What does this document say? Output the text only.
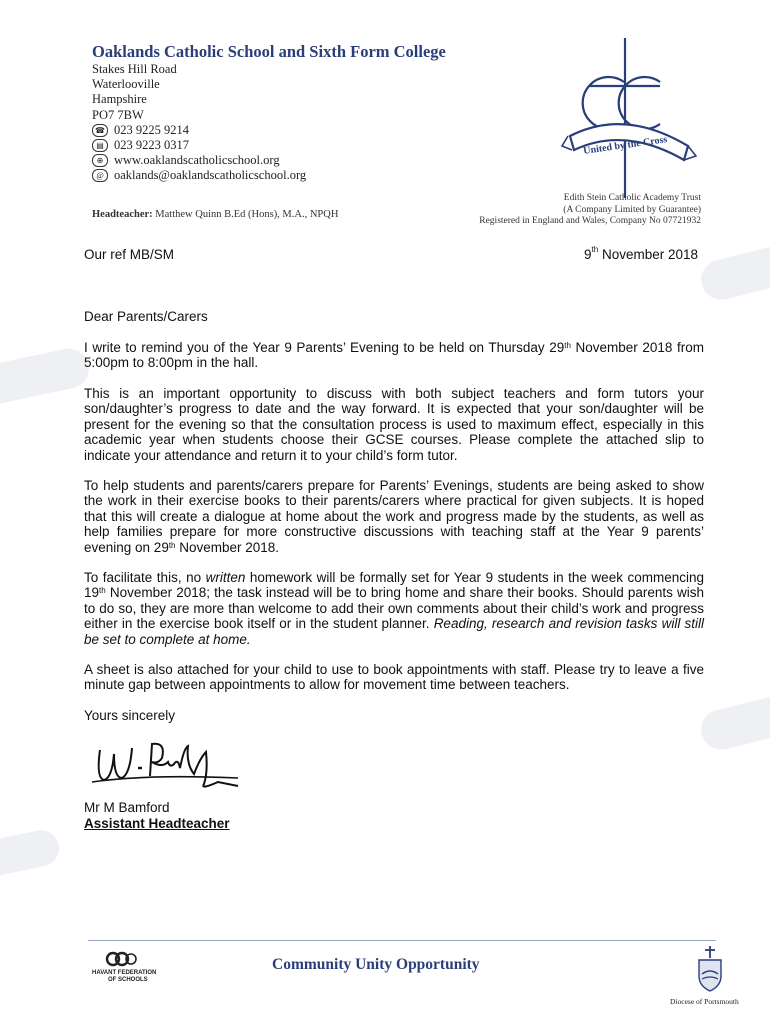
Oaklands Catholic School and Sixth Form College
Stakes Hill Road
Waterlooville
Hampshire
PO7 7BW
☎ 023 9225 9214
▤ 023 9223 0317
⊕ www.oaklandscatholicschool.org
@ oaklands@oaklandscatholicschool.org
United by the Cross
Headteacher: Matthew Quinn B.Ed (Hons), M.A., NPQH
Edith Stein Catholic Academy Trust
(A Company Limited by Guarantee)
Registered in England and Wales, Company No 07721932
Our ref MB/SM	9th November 2018
Dear Parents/Carers

I write to remind you of the Year 9 Parents’ Evening to be held on Thursday 29th November 2018 from 5:00pm to 8:00pm in the hall.

This is an important opportunity to discuss with both subject teachers and form tutors your son/daughter’s progress to date and the way forward. It is expected that your son/daughter will be present for the evening so that the consultation process is used to maximum effect, especially in this academic year when students choose their GCSE courses. Please complete the attached slip to indicate your attendance and return it to your child’s form tutor.

To help students and parents/carers prepare for Parents’ Evenings, students are being asked to show the work in their exercise books to their parents/carers where practical for given subjects. It is hoped that this will create a dialogue at home about the work and progress made by the students, as well as help families prepare for more constructive discussions with teaching staff at the Year 9 parents’ evening on 29th November 2018.

To facilitate this, no written homework will be formally set for Year 9 students in the week commencing 19th November 2018; the task instead will be to bring home and share their books. Should parents wish to do so, they are more than welcome to add their own comments about their child’s work and progress either in the exercise book itself or in the student planner. Reading, research and revision tasks will still be set to complete at home.

A sheet is also attached for your child to use to book appointments with staff. Please try to leave a five minute gap between appointments to allow for movement time between teachers.

Yours sincerely
Mr M Bamford
Assistant Headteacher
HAVANT FEDERATION
OF SCHOOLS
Community Unity Opportunity
Diocese of Portsmouth
